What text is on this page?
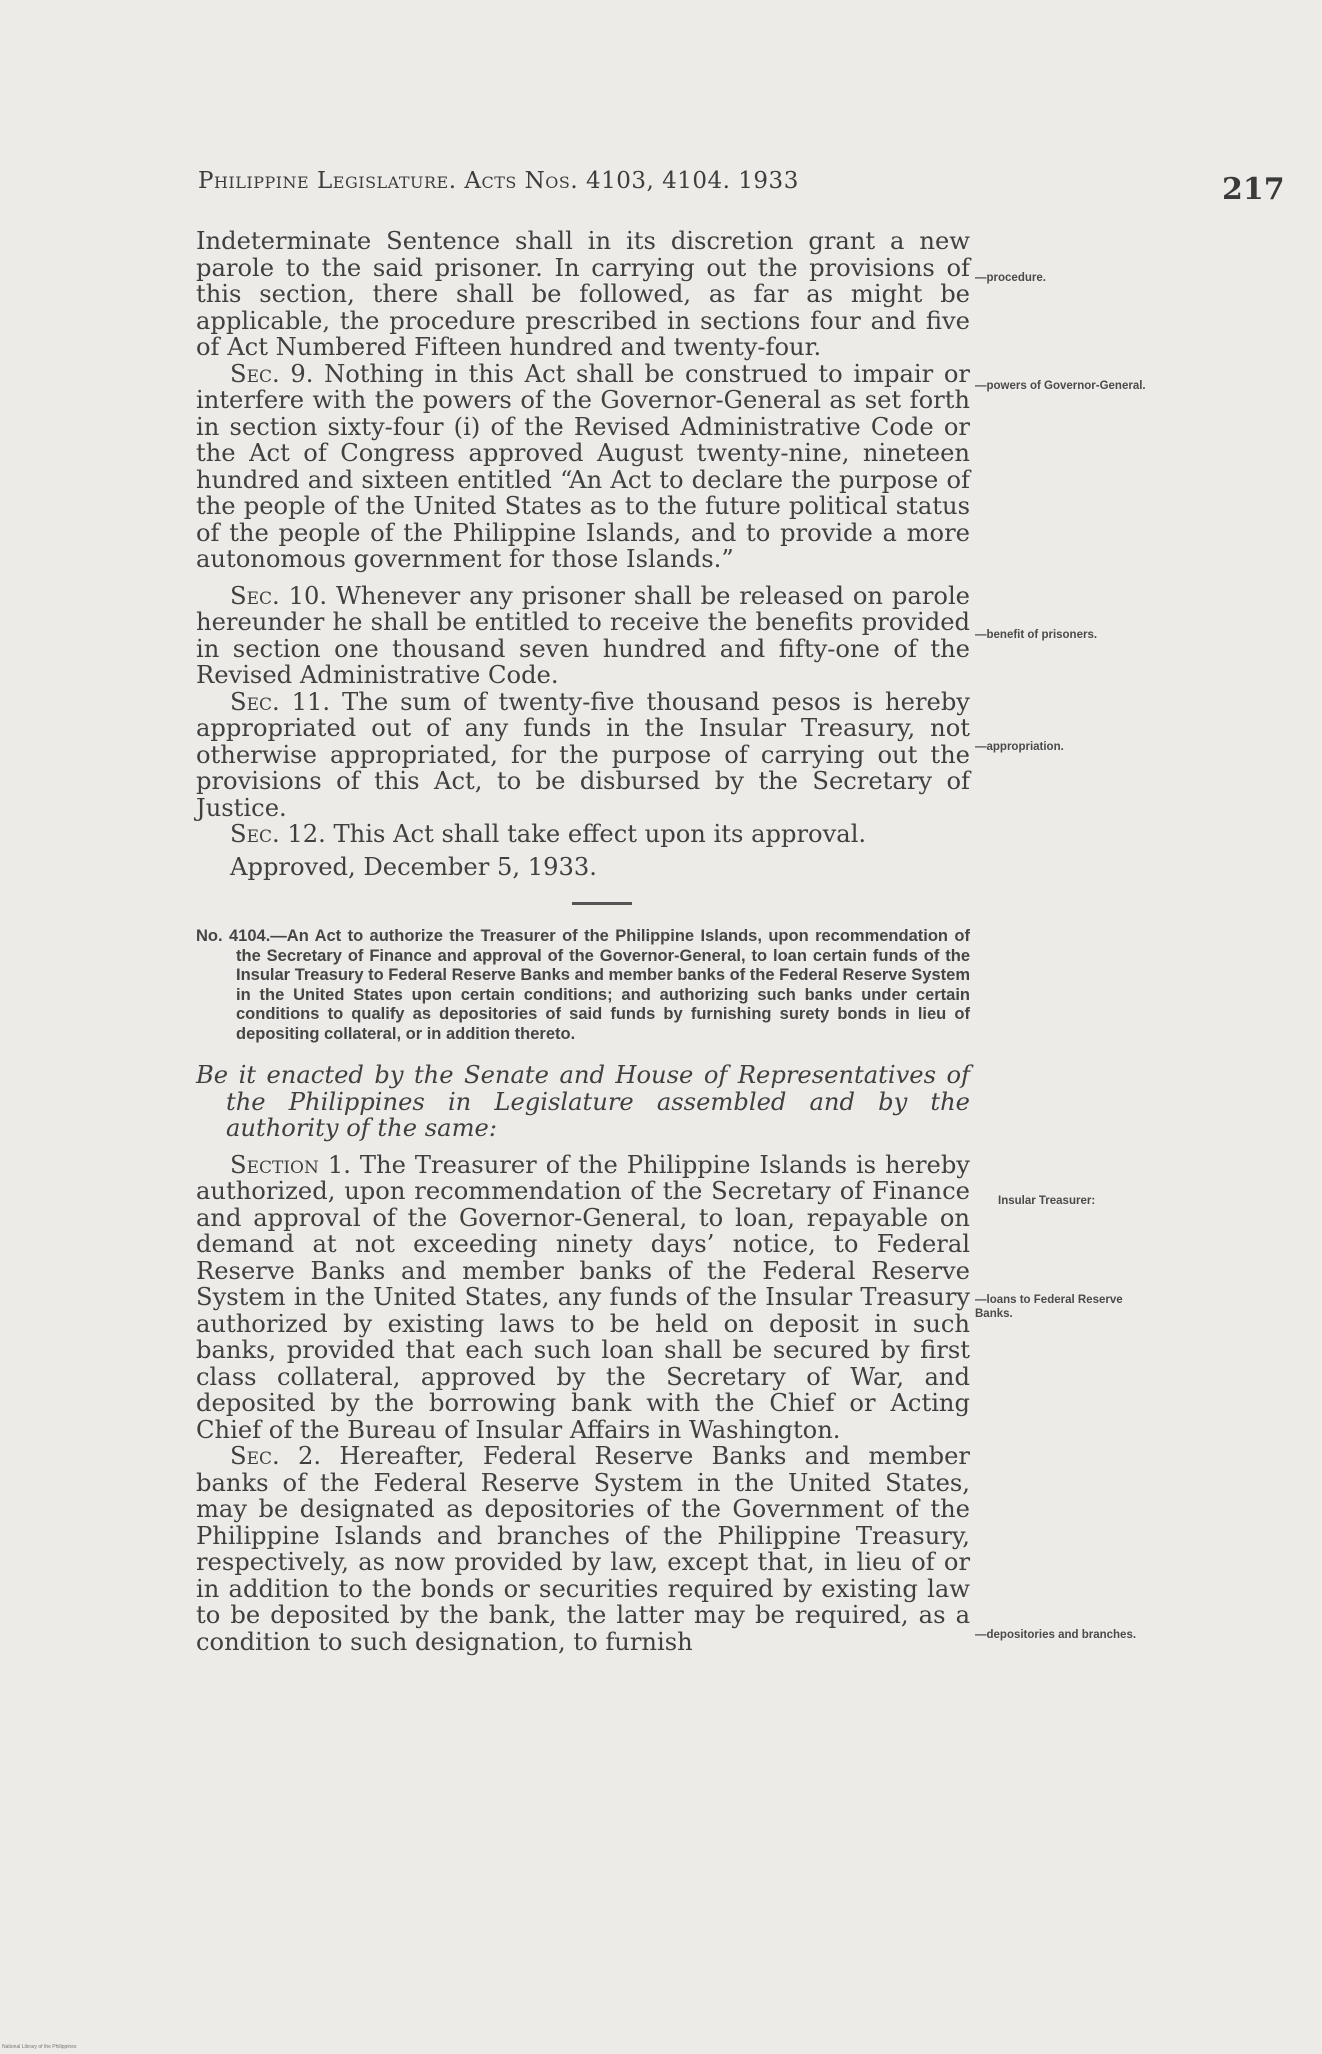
Philippine Legislature. Acts Nos. 4103, 4104. 1933	217

Indeterminate Sentence shall in its discretion grant a new parole to the said prisoner. In carrying out the provisions of this section, there shall be followed, as far as might be applicable, the procedure prescribed in sections four and five of Act Numbered Fifteen hundred and twenty-four.

Sec. 9. Nothing in this Act shall be construed to impair or interfere with the powers of the Governor-General as set forth in section sixty-four (i) of the Revised Administrative Code or the Act of Congress approved August twenty-nine, nineteen hundred and sixteen entitled “An Act to declare the purpose of the people of the United States as to the future political status of the people of the Philippine Islands, and to provide a more autonomous government for those Islands.”

Sec. 10. Whenever any prisoner shall be released on parole hereunder he shall be entitled to receive the benefits provided in section one thousand seven hundred and fifty-one of the Revised Administrative Code.

Sec. 11. The sum of twenty-five thousand pesos is hereby appropriated out of any funds in the Insular Treasury, not otherwise appropriated, for the purpose of carrying out the provisions of this Act, to be disbursed by the Secretary of Justice.

Sec. 12. This Act shall take effect upon its approval.

Approved, December 5, 1933.

No. 4104.—An Act to authorize the Treasurer of the Philippine Islands, upon recommendation of the Secretary of Finance and approval of the Governor-General, to loan certain funds of the Insular Treasury to Federal Reserve Banks and member banks of the Federal Reserve System in the United States upon certain conditions; and authorizing such banks under certain conditions to qualify as depositories of said funds by furnishing surety bonds in lieu of depositing collateral, or in addition thereto.

Be it enacted by the Senate and House of Representatives of the Philippines in Legislature assembled and by the authority of the same:

Section 1. The Treasurer of the Philippine Islands is hereby authorized, upon recommendation of the Secretary of Finance and approval of the Governor-General, to loan, repayable on demand at not exceeding ninety days’ notice, to Federal Reserve Banks and member banks of the Federal Reserve System in the United States, any funds of the Insular Treasury authorized by existing laws to be held on deposit in such banks, provided that each such loan shall be secured by first class collateral, approved by the Secretary of War, and deposited by the borrowing bank with the Chief or Acting Chief of the Bureau of Insular Affairs in Washington.

Sec. 2. Hereafter, Federal Reserve Banks and member banks of the Federal Reserve System in the United States, may be designated as depositories of the Government of the Philippine Islands and branches of the Philippine Treasury, respectively, as now provided by law, except that, in lieu of or in addition to the bonds or securities required by existing law to be deposited by the bank, the latter may be required, as a condition to such designation, to furnish

—procedure.
—powers of Governor-General.
—benefit of prisoners.
—appropriation.
Insular Treasurer:
—loans to Federal Reserve Banks.
—depositories and branches.
National Library of the Philippines
